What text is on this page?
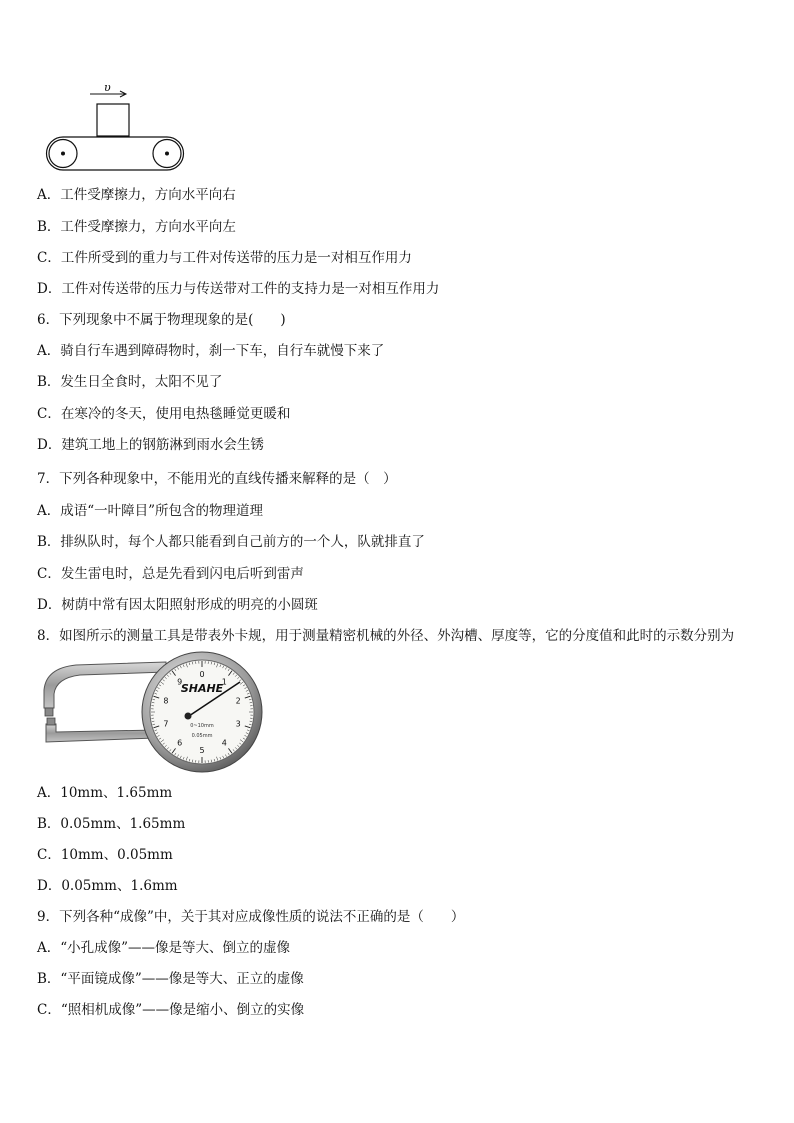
υ
A．工件受摩擦力，方向水平向右
B．工件受摩擦力，方向水平向左
C．工件所受到的重力与工件对传送带的压力是一对相互作用力
D．工件对传送带的压力与传送带对工件的支持力是一对相互作用力
6．下列现象中不属于物理现象的是(　　)
A．骑自行车遇到障碍物时，刹一下车，自行车就慢下来了
B．发生日全食时，太阳不见了
C．在寒冷的冬天，使用电热毯睡觉更暖和
D．建筑工地上的钢筋淋到雨水会生锈
7．下列各种现象中，不能用光的直线传播来解释的是（　）
A．成语“一叶障目”所包含的物理道理
B．排纵队时，每个人都只能看到自己前方的一个人，队就排直了
C．发生雷电时，总是先看到闪电后听到雷声
D．树荫中常有因太阳照射形成的明亮的小圆斑
8．如图所示的测量工具是带表外卡规，用于测量精密机械的外径、外沟槽、厚度等，它的分度值和此时的示数分别为
0
1
2
3
4
5
6
7
8
9
SHAHE
0~10mm
0.05mm
A．10mm、1.65mm
B．0.05mm、1.65mm
C．10mm、0.05mm
D．0.05mm、1.6mm
9．下列各种“成像”中，关于其对应成像性质的说法不正确的是（　　）
A．“小孔成像”——像是等大、倒立的虚像
B．“平面镜成像”——像是等大、正立的虚像
C．“照相机成像”——像是缩小、倒立的实像
